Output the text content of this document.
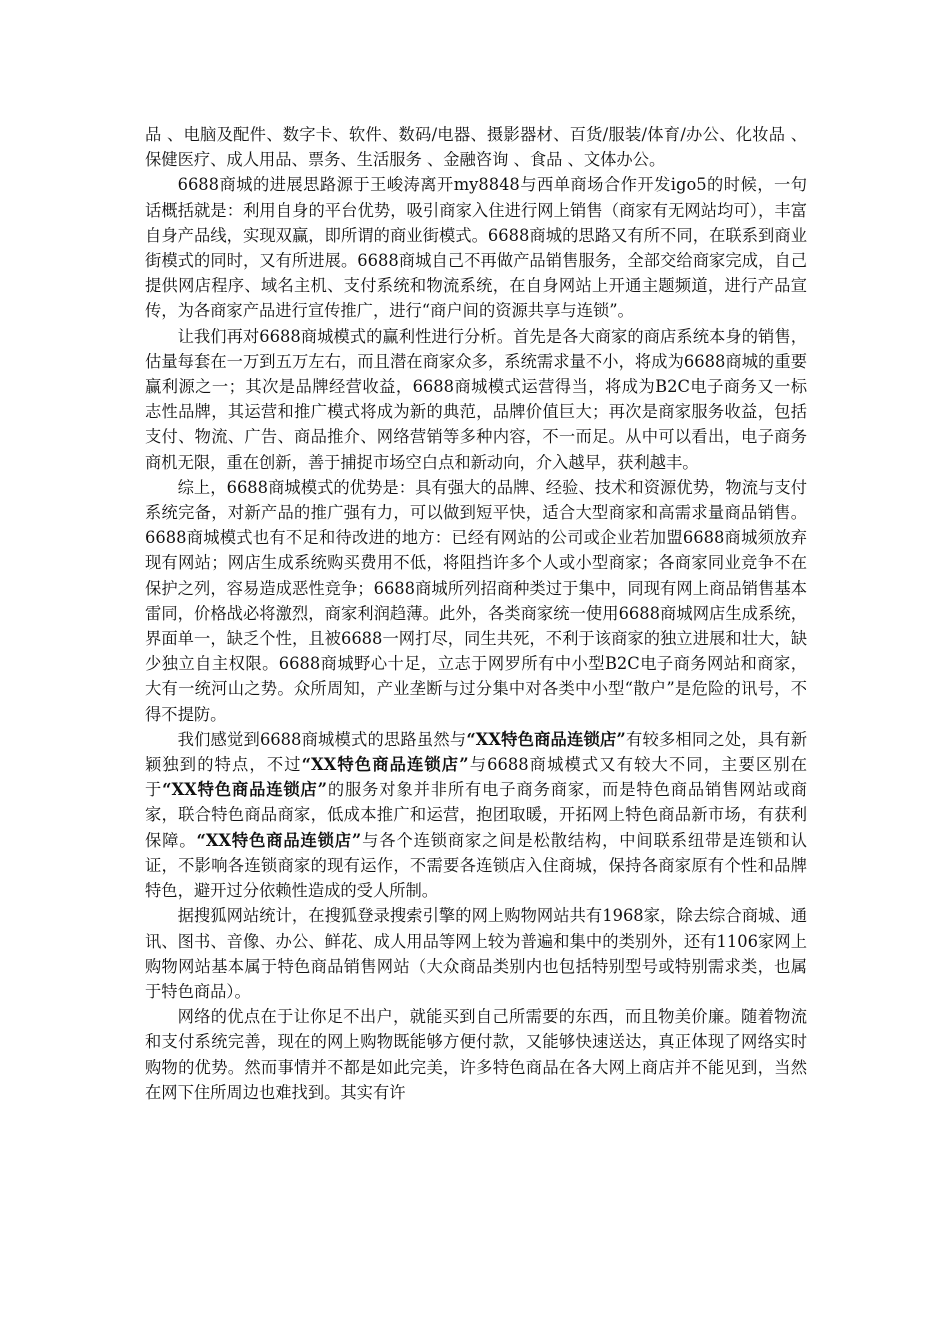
品 、电脑及配件、数字卡、软件、数码/电器、摄影器材、百货/服装/体育/办公、化妆品 、保健医疗、成人用品、票务、生活服务 、金融咨询 、食品 、文体办公。

6688商城的进展思路源于王峻涛离开my8848与西单商场合作开发igo5的时候，一句话概括就是：利用自身的平台优势，吸引商家入住进行网上销售（商家有无网站均可），丰富自身产品线，实现双赢，即所谓的商业街模式。6688商城的思路又有所不同，在联系到商业街模式的同时，又有所进展。6688商城自己不再做产品销售服务，全部交给商家完成，自己提供网店程序、域名主机、支付系统和物流系统，在自身网站上开通主题频道，进行产品宣传，为各商家产品进行宣传推广，进行“商户间的资源共享与连锁”。

让我们再对6688商城模式的赢利性进行分析。首先是各大商家的商店系统本身的销售，估量每套在一万到五万左右，而且潜在商家众多，系统需求量不小，将成为6688商城的重要赢利源之一；其次是品牌经营收益，6688商城模式运营得当，将成为B2C电子商务又一标志性品牌，其运营和推广模式将成为新的典范，品牌价值巨大；再次是商家服务收益，包括支付、物流、广告、商品推介、网络营销等多种内容，不一而足。从中可以看出，电子商务商机无限，重在创新，善于捕捉市场空白点和新动向，介入越早，获利越丰。

综上，6688商城模式的优势是：具有强大的品牌、经验、技术和资源优势，物流与支付系统完备，对新产品的推广强有力，可以做到短平快，适合大型商家和高需求量商品销售。6688商城模式也有不足和待改进的地方：已经有网站的公司或企业若加盟6688商城须放弃现有网站；网店生成系统购买费用不低，将阻挡许多个人或小型商家；各商家同业竞争不在保护之列，容易造成恶性竞争；6688商城所列招商种类过于集中，同现有网上商品销售基本雷同，价格战必将激烈，商家利润趋薄。此外，各类商家统一使用6688商城网店生成系统，界面单一，缺乏个性，且被6688一网打尽，同生共死，不利于该商家的独立进展和壮大，缺少独立自主权限。6688商城野心十足，立志于网罗所有中小型B2C电子商务网站和商家，大有一统河山之势。众所周知，产业垄断与过分集中对各类中小型“散户”是危险的讯号，不得不提防。

我们感觉到6688商城模式的思路虽然与“XX特色商品连锁店”有较多相同之处，具有新颖独到的特点，不过“XX特色商品连锁店”与6688商城模式又有较大不同，主要区别在于“XX特色商品连锁店”的服务对象并非所有电子商务商家，而是特色商品销售网站或商家，联合特色商品商家，低成本推广和运营，抱团取暖，开拓网上特色商品新市场，有获利保障。“XX特色商品连锁店”与各个连锁商家之间是松散结构，中间联系纽带是连锁和认证，不影响各连锁商家的现有运作，不需要各连锁店入住商城，保持各商家原有个性和品牌特色，避开过分依赖性造成的受人所制。

据搜狐网站统计，在搜狐登录搜索引擎的网上购物网站共有1968家，除去综合商城、通讯、图书、音像、办公、鲜花、成人用品等网上较为普遍和集中的类别外，还有1106家网上购物网站基本属于特色商品销售网站（大众商品类别内也包括特别型号或特别需求类，也属于特色商品）。

网络的优点在于让你足不出户，就能买到自己所需要的东西，而且物美价廉。随着物流和支付系统完善，现在的网上购物既能够方便付款，又能够快速送达，真正体现了网络实时购物的优势。然而事情并不都是如此完美，许多特色商品在各大网上商店并不能见到，当然在网下住所周边也难找到。其实有许
